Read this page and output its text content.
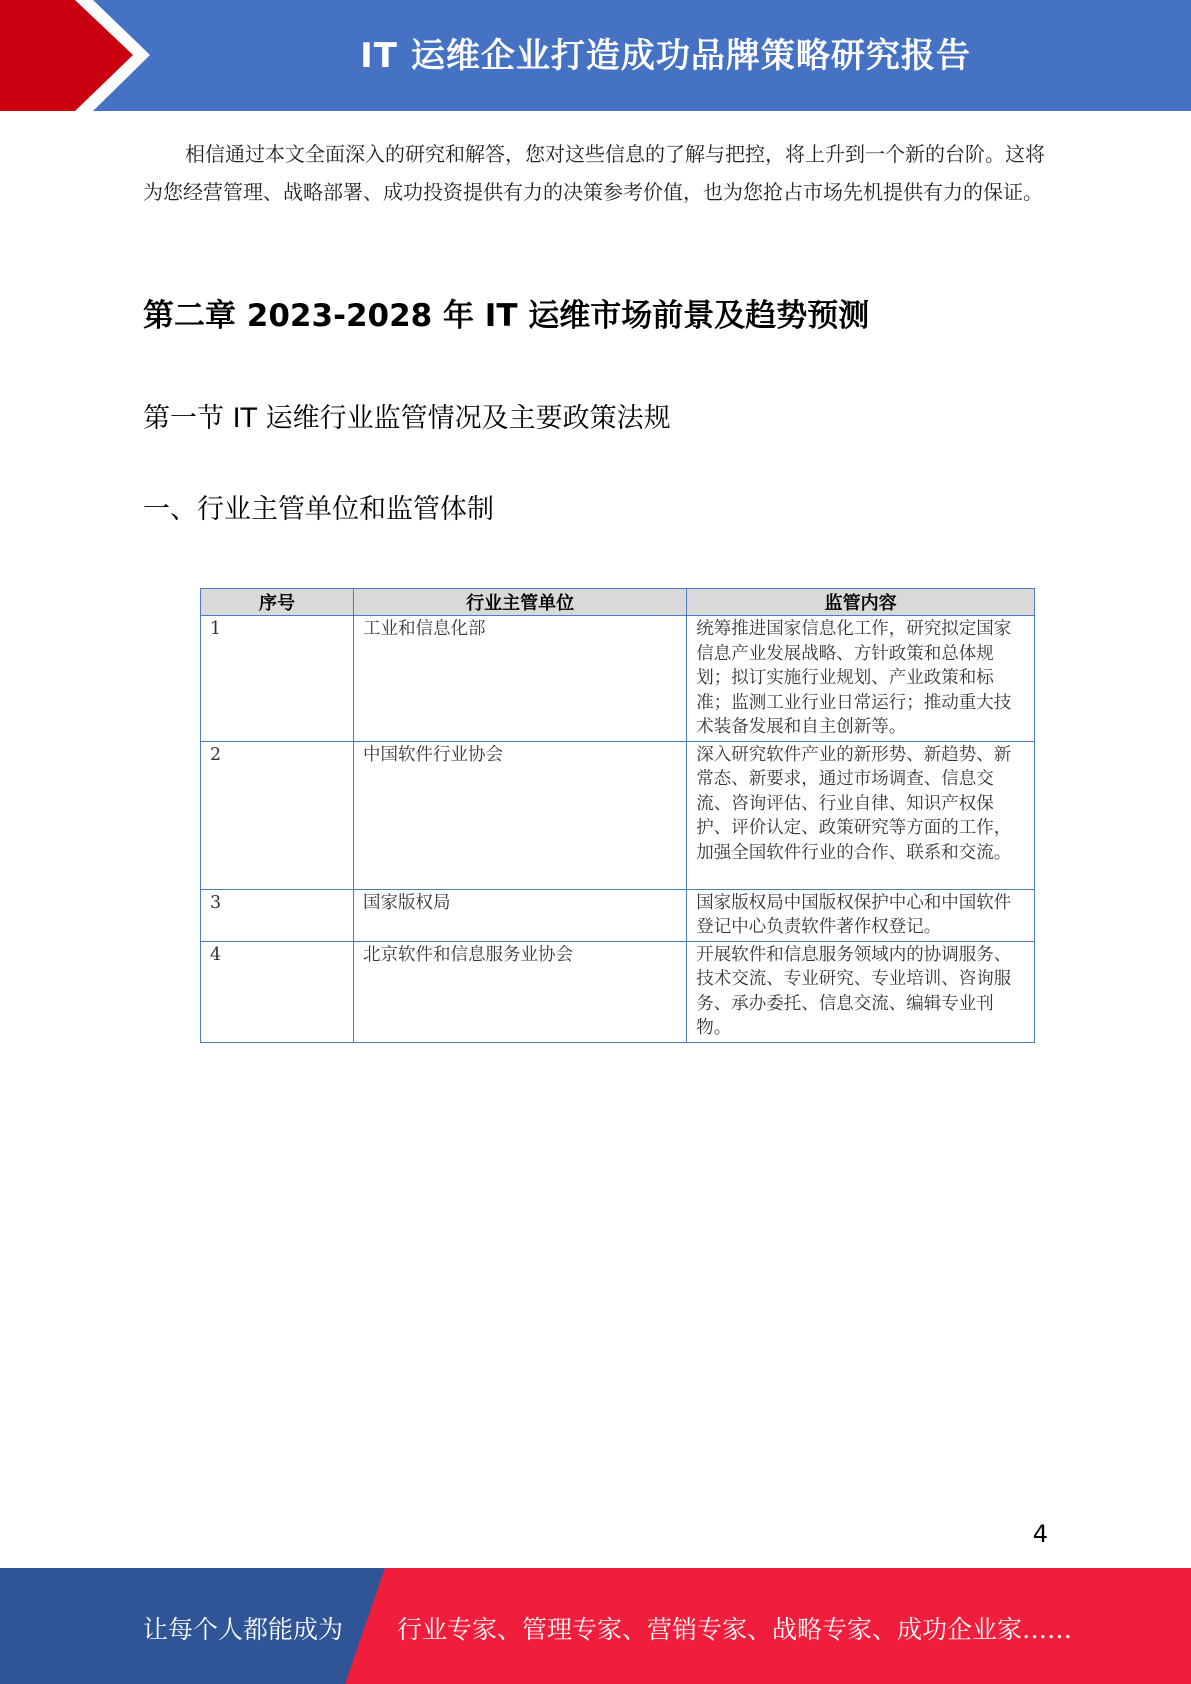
IT 运维企业打造成功品牌策略研究报告

相信通过本文全面深入的研究和解答，您对这些信息的了解与把控，将上升到一个新的台阶。这将为您经营管理、战略部署、成功投资提供有力的决策参考价值，也为您抢占市场先机提供有力的保证。

第二章 2023-2028 年 IT 运维市场前景及趋势预测
第一节 IT 运维行业监管情况及主要政策法规
一、行业主管单位和监管体制
序号	行业主管单位	监管内容
1	工业和信息化部	统筹推进国家信息化工作，研究拟定国家信息产业发展战略、方针政策和总体规划；拟订实施行业规划、产业政策和标准；监测工业行业日常运行；推动重大技术装备发展和自主创新等。
2	中国软件行业协会	深入研究软件产业的新形势、新趋势、新常态、新要求，通过市场调查、信息交流、咨询评估、行业自律、知识产权保护、评价认定、政策研究等方面的工作，加强全国软件行业的合作、联系和交流。
3	国家版权局	国家版权局中国版权保护中心和中国软件登记中心负责软件著作权登记。
4	北京软件和信息服务业协会	开展软件和信息服务领域内的协调服务、技术交流、专业研究、专业培训、咨询服务、承办委托、信息交流、编辑专业刊物。
4
让每个人都能成为 行业专家、管理专家、营销专家、战略专家、成功企业家……
